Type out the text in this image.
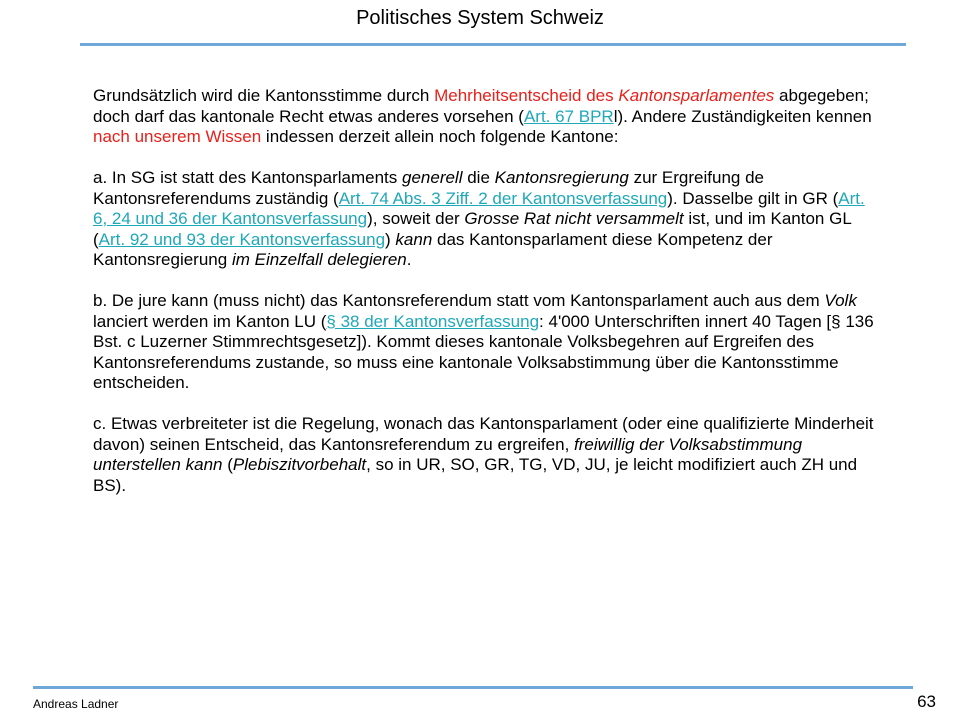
Politisches System Schweiz

Grundsätzlich wird die Kantonsstimme durch Mehrheitsentscheid des Kantonsparlamentes abgegeben; doch darf das kantonale Recht etwas anderes vorsehen (Art. 67 BPRl). Andere Zuständigkeiten kennen nach unserem Wissen indessen derzeit allein noch folgende Kantone:

a. In SG ist statt des Kantonsparlaments generell die Kantonsregierung zur Ergreifung de Kantonsreferendums zuständig (Art. 74 Abs. 3 Ziff. 2 der Kantonsverfassung). Dasselbe gilt in GR (Art. 6, 24 und 36 der Kantonsverfassung), soweit der Grosse Rat nicht versammelt ist, und im Kanton GL (Art. 92 und 93 der Kantonsverfassung) kann das Kantonsparlament diese Kompetenz der Kantonsregierung im Einzelfall delegieren.

b. De jure kann (muss nicht) das Kantonsreferendum statt vom Kantonsparlament auch aus dem Volk lanciert werden im Kanton LU (§ 38 der Kantonsverfassung: 4'000 Unterschriften innert 40 Tagen [§ 136 Bst. c Luzerner Stimmrechtsgesetz]). Kommt dieses kantonale Volksbegehren auf Ergreifen des Kantonsreferendums zustande, so muss eine kantonale Volksabstimmung über die Kantonsstimme entscheiden.

c. Etwas verbreiteter ist die Regelung, wonach das Kantonsparlament (oder eine qualifizierte Minderheit davon) seinen Entscheid, das Kantonsreferendum zu ergreifen, freiwillig der Volksabstimmung unterstellen kann (Plebiszitvorbehalt, so in UR, SO, GR, TG, VD, JU, je leicht modifiziert auch ZH und BS).

Andreas Ladner	63
